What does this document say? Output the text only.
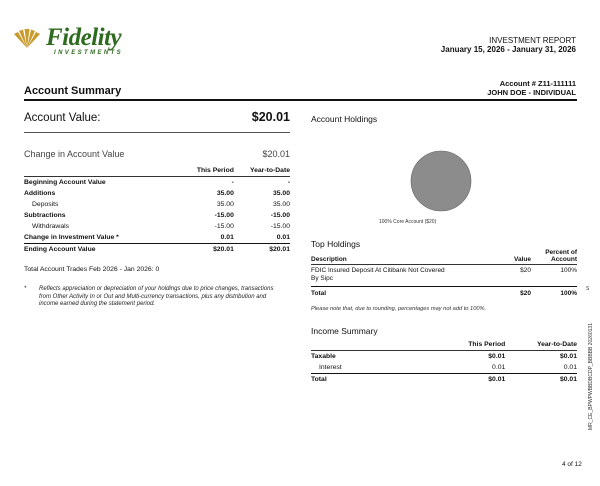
Fidelity
INVESTMENTS
INVESTMENT REPORT
January 15, 2026 - January 31, 2026
Account Summary
Account # Z11-111111
JOHN DOE - INDIVIDUAL
Account Value:	$20.01
Change in Account Value	$20.01
	This Period	Year-to-Date
Beginning Account Value	-	-
Additions	35.00	35.00
Deposits	35.00	35.00
Subtractions	-15.00	-15.00
Withdrawals	-15.00	-15.00
Change in Investment Value *	0.01	0.01
Ending Account Value	$20.01	$20.01
Total Account Trades Feb 2026 - Jan 2026: 0
* Reflects appreciation or depreciation of your holdings due to price changes, transactions from Other Activity In or Out and Multi-currency transactions, plus any distribution and income earned during the statement period.
Account Holdings
100% Core Account ($20)
Top Holdings
Description	Value	Percent of
Account

FDIC Insured Deposit At Citibank Not Covered By Sipc	$20	100%

Total	$20	100%
Please note that, due to rounding, percentages may not add to 100%.
Income Summary
	This Period	Year-to-Date
Taxable	$0.01	$0.01
Interest	0.01	0.01
Total	$0.01	$0.01
S
MR_CE_BPWPWBBDBCDP_BBBBB 20260131
4 of 12
